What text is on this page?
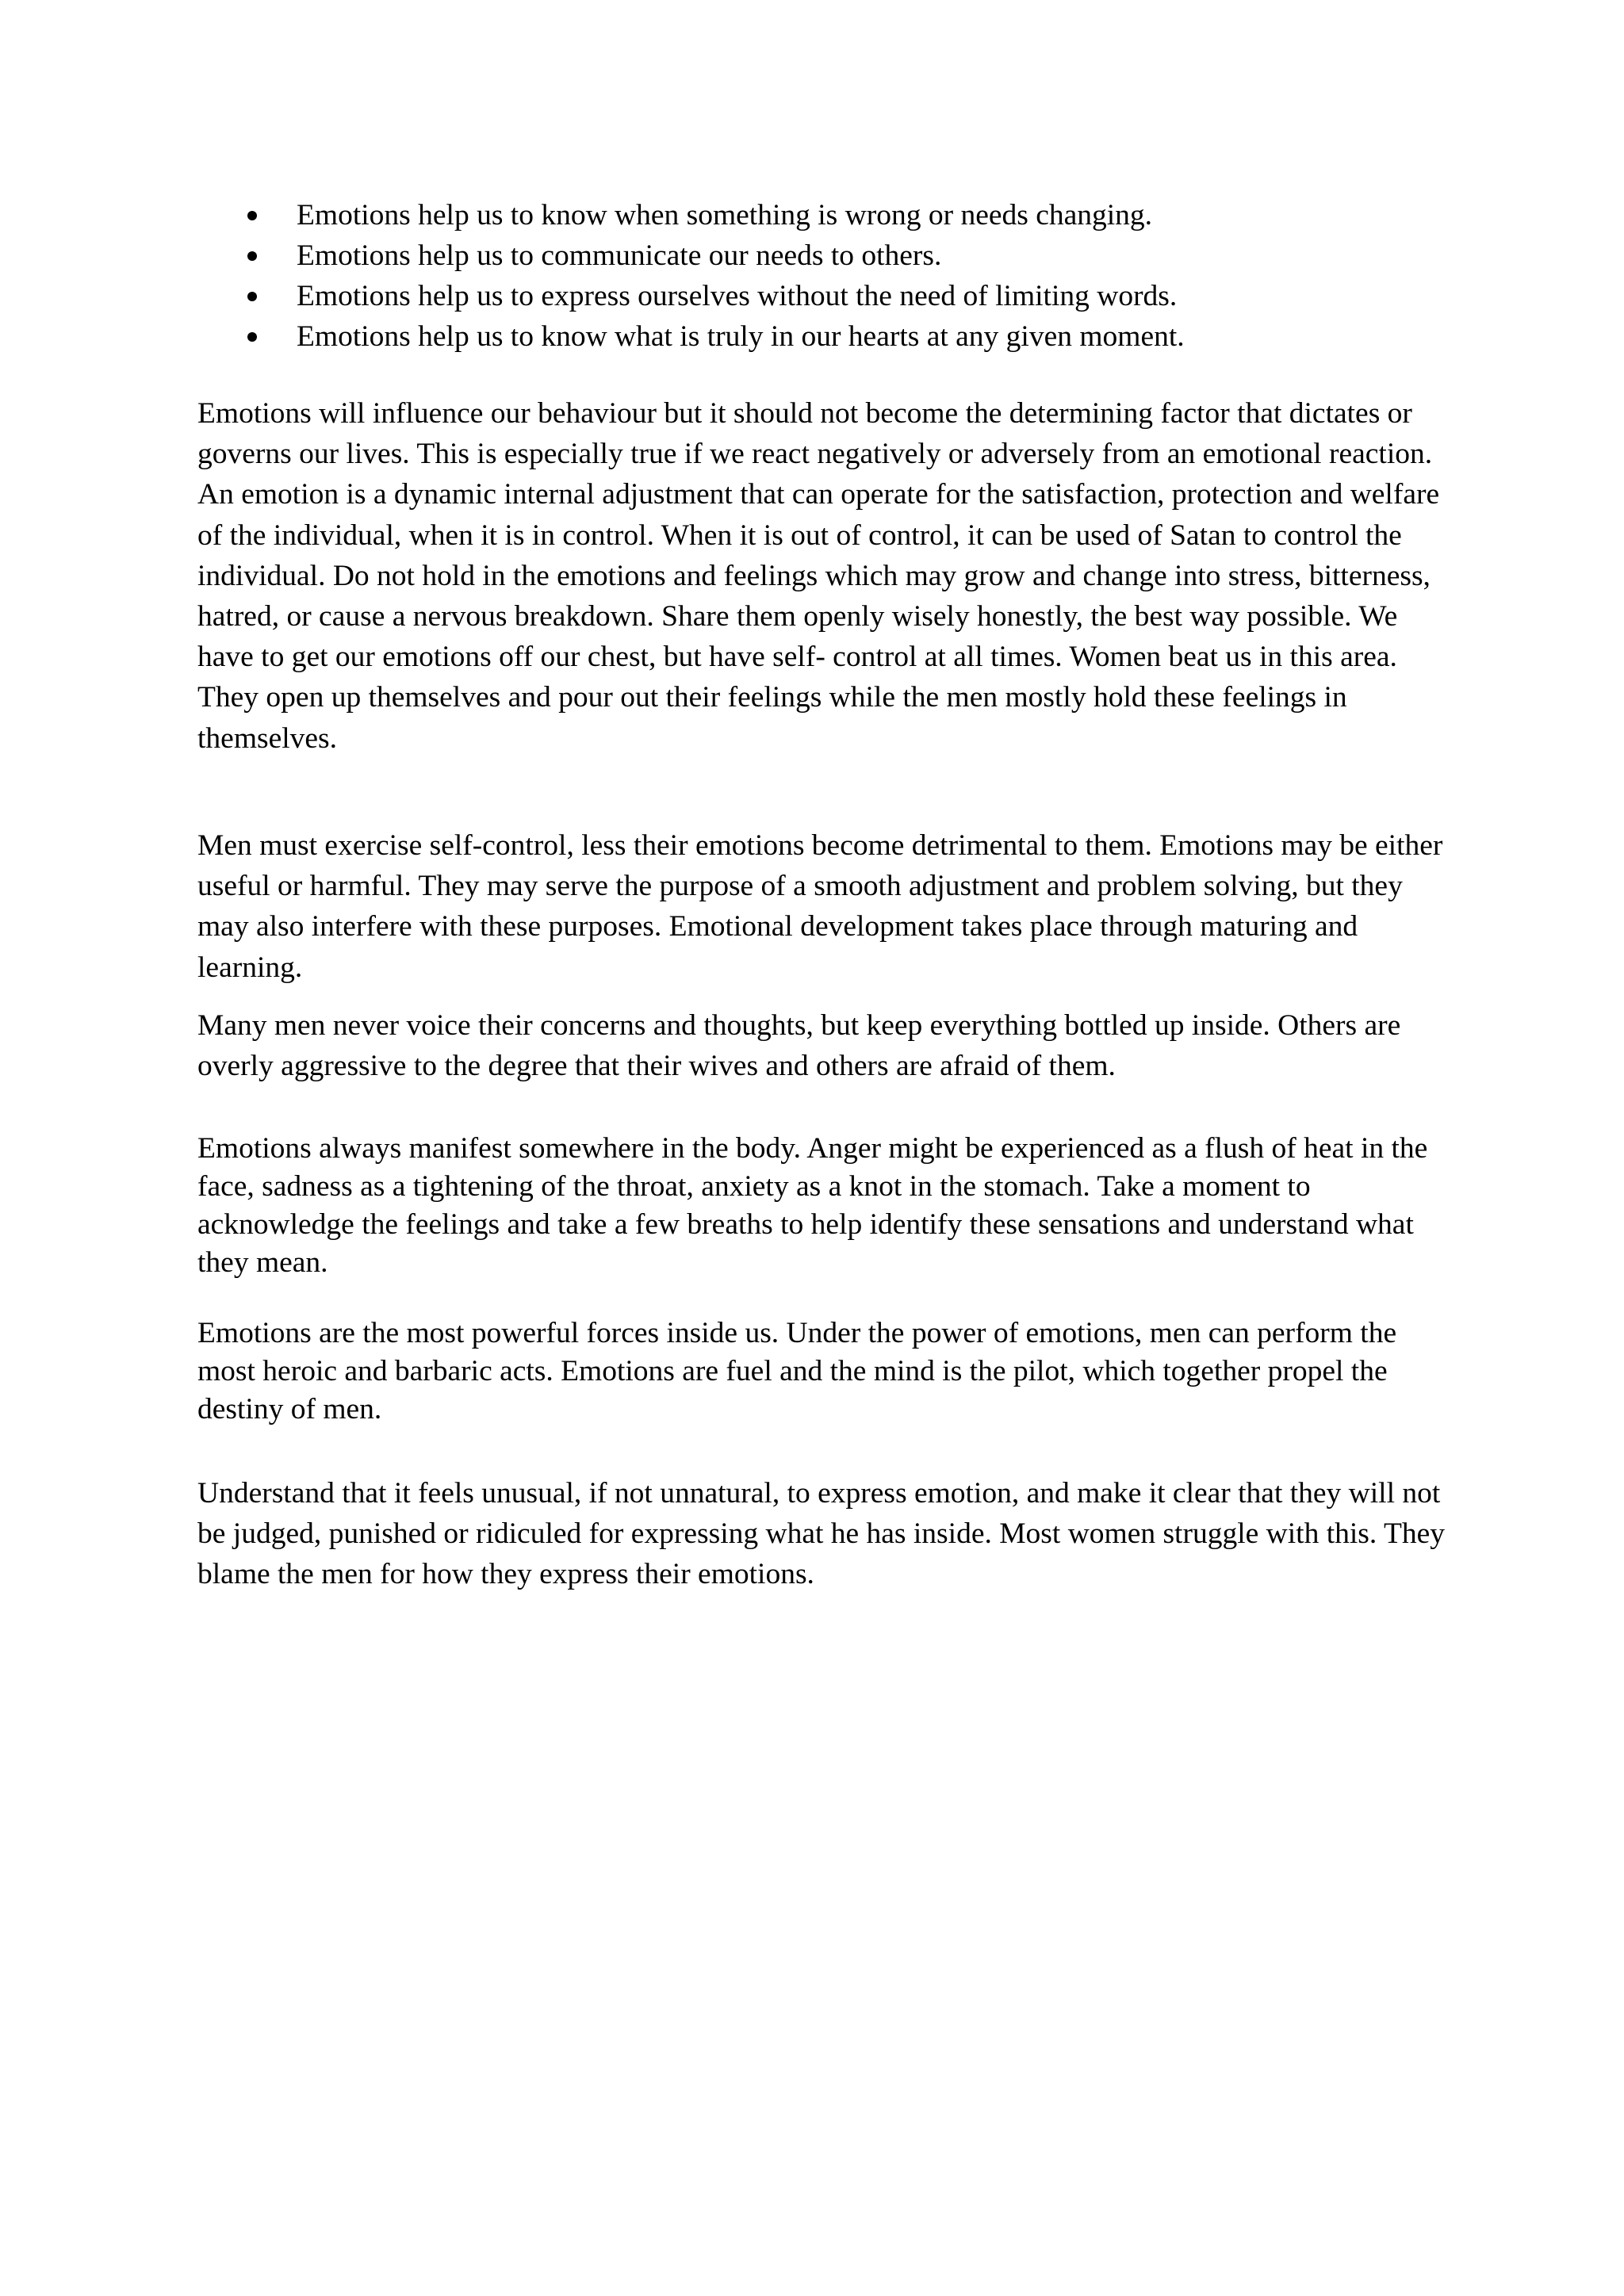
Emotions help us to know when something is wrong or needs changing.
Emotions help us to communicate our needs to others.
Emotions help us to express ourselves without the need of limiting words.
Emotions help us to know what is truly in our hearts at any given moment.

Emotions will influence our behaviour but it should not become the determining factor that dictates or governs our lives. This is especially true if we react negatively or adversely from an emotional reaction. An emotion is a dynamic internal adjustment that can operate for the satisfaction, protection and welfare of the individual, when it is in control. When it is out of control, it can be used of Satan to control the individual. Do not hold in the emotions and feelings which may grow and change into stress, bitterness, hatred, or cause a nervous breakdown. Share them openly wisely honestly, the best way possible. We have to get our emotions off our chest, but have self- control at all times. Women beat us in this area. They open up themselves and pour out their feelings while the men mostly hold these feelings in themselves.

Men must exercise self-control, less their emotions become detrimental to them. Emotions may be either useful or harmful. They may serve the purpose of a smooth adjustment and problem solving, but they may also interfere with these purposes. Emotional development takes place through maturing and learning.

Many men never voice their concerns and thoughts, but keep everything bottled up inside. Others are overly aggressive to the degree that their wives and others are afraid of them.

Emotions always manifest somewhere in the body. Anger might be experienced as a flush of heat in the face, sadness as a tightening of the throat, anxiety as a knot in the stomach. Take a moment to acknowledge the feelings and take a few breaths to help identify these sensations and understand what they mean.

Emotions are the most powerful forces inside us. Under the power of emotions, men can perform the most heroic and barbaric acts. Emotions are fuel and the mind is the pilot, which together propel the destiny of men.

Understand that it feels unusual, if not unnatural, to express emotion, and make it clear that they will not be judged, punished or ridiculed for expressing what he has inside. Most women struggle with this. They blame the men for how they express their emotions.
